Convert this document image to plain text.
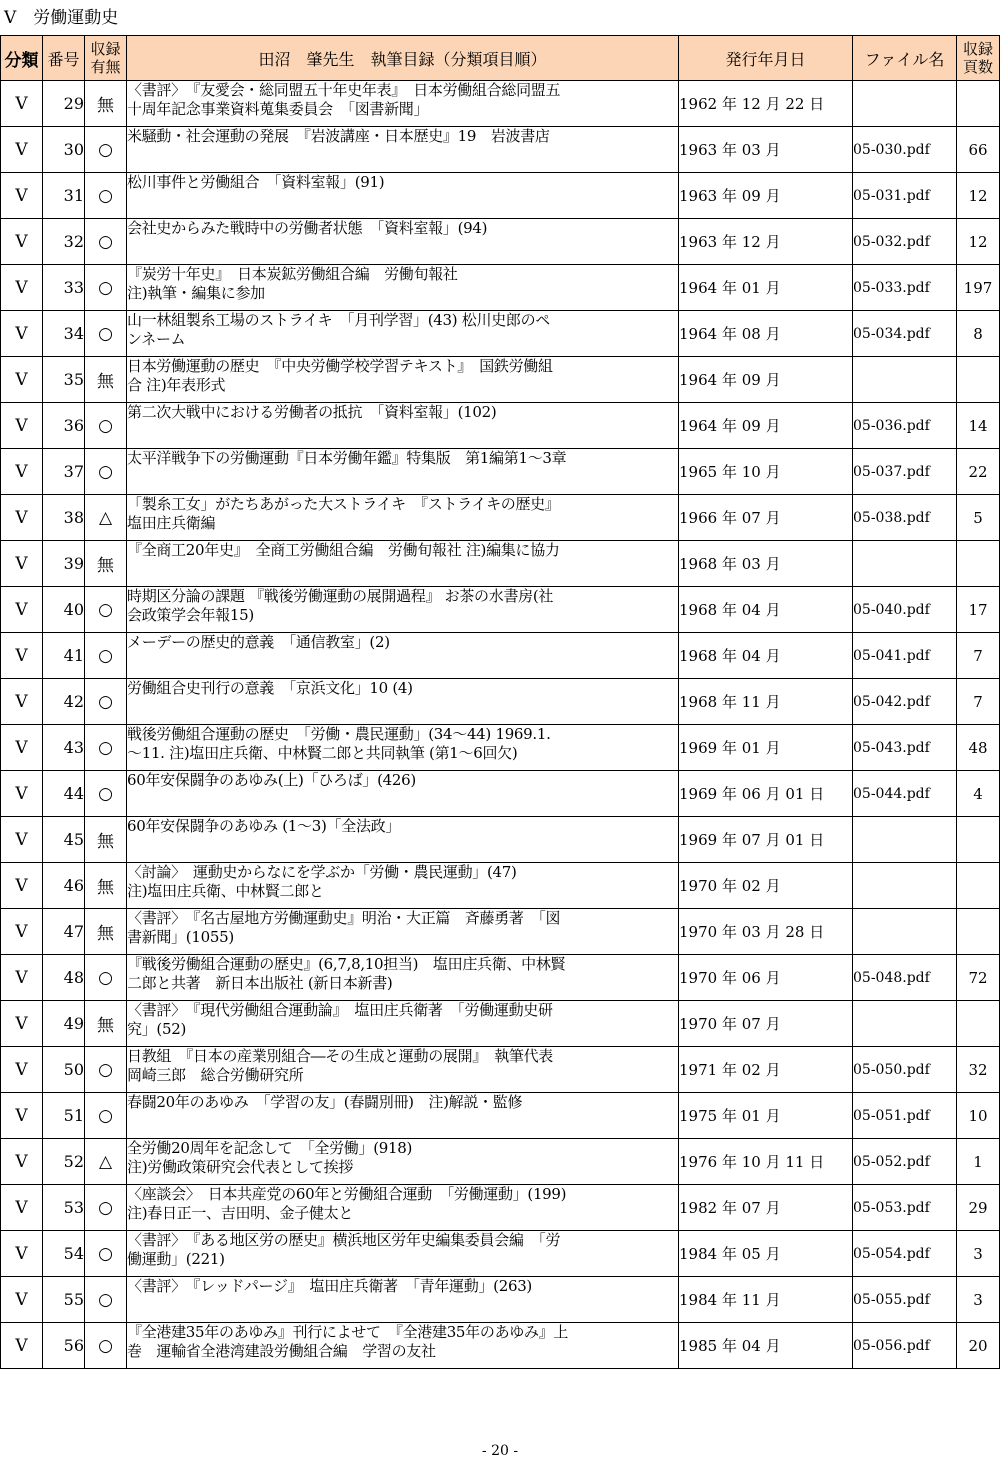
Ⅴ　労働運動史
分類	番号	収録
有無	田沼　肇先生　執筆目録（分類項目順）	発行年月日	ファイル名	収録
頁数
Ⅴ	29	無	〈書評〉　『友愛会・総同盟五十年史年表』　日本労働組合総同盟五
十周年記念事業資料蒐集委員会　「図書新聞」	1962 年 12 月 22 日		
Ⅴ	30	○	米騒動・社会運動の発展　『岩波講座・日本歴史』19　岩波書店	1963 年 03 月	05-030.pdf	66
Ⅴ	31	○	松川事件と労働組合　「資料室報」(91)	1963 年 09 月	05-031.pdf	12
Ⅴ	32	○	会社史からみた戦時中の労働者状態　「資料室報」(94)	1963 年 12 月	05-032.pdf	12
Ⅴ	33	○	『炭労十年史』　日本炭鉱労働組合編　労働旬報社
注)執筆・編集に参加	1964 年 01 月	05-033.pdf	197
Ⅴ	34	○	山一林組製糸工場のストライキ　「月刊学習」(43) 松川史郎のペ
ンネーム	1964 年 08 月	05-034.pdf	8
Ⅴ	35	無	日本労働運動の歴史　『中央労働学校学習テキスト』　国鉄労働組
合 注)年表形式	1964 年 09 月		
Ⅴ	36	○	第二次大戦中における労働者の抵抗　「資料室報」(102)	1964 年 09 月	05-036.pdf	14
Ⅴ	37	○	太平洋戦争下の労働運動『日本労働年鑑』特集版　第1編第1～3章	1965 年 10 月	05-037.pdf	22
Ⅴ	38	△	「製糸工女」がたちあがった大ストライキ　『ストライキの歴史』
塩田庄兵衛編	1966 年 07 月	05-038.pdf	5
Ⅴ	39	無	『全商工20年史』　全商工労働組合編　労働旬報社 注)編集に協力	1968 年 03 月		
Ⅴ	40	○	時期区分論の課題 『戦後労働運動の展開過程』 お茶の水書房(社
会政策学会年報15)	1968 年 04 月	05-040.pdf	17
Ⅴ	41	○	メーデーの歴史的意義　「通信教室」(2)	1968 年 04 月	05-041.pdf	7
Ⅴ	42	○	労働組合史刊行の意義　「京浜文化」10 (4)	1968 年 11 月	05-042.pdf	7
Ⅴ	43	○	戦後労働組合運動の歴史　「労働・農民運動」(34～44) 1969.1.
～11. 注)塩田庄兵衛、中林賢二郎と共同執筆 (第1～6回欠)	1969 年 01 月	05-043.pdf	48
Ⅴ	44	○	60年安保闘争のあゆみ(上)「ひろば」(426)	1969 年 06 月 01 日	05-044.pdf	4
Ⅴ	45	無	60年安保闘争のあゆみ (1～3)「全法政」	1969 年 07 月 01 日		
Ⅴ	46	無	〈討論〉　運動史からなにを学ぶか「労働・農民運動」(47)
注)塩田庄兵衛、中林賢二郎と	1970 年 02 月		
Ⅴ	47	無	〈書評〉　『名古屋地方労働運動史』明治・大正篇　斉藤勇著　「図
書新聞」(1055)	1970 年 03 月 28 日		
Ⅴ	48	○	『戦後労働組合運動の歴史』(6,7,8,10担当)　塩田庄兵衛、中林賢
二郎と共著　新日本出版社 (新日本新書)	1970 年 06 月	05-048.pdf	72
Ⅴ	49	無	〈書評〉　『現代労働組合運動論』　塩田庄兵衛著　「労働運動史研
究」(52)	1970 年 07 月		
Ⅴ	50	○	日教組　『日本の産業別組合―その生成と運動の展開』　執筆代表
岡崎三郎　総合労働研究所	1971 年 02 月	05-050.pdf	32
Ⅴ	51	○	春闘20年のあゆみ　「学習の友」(春闘別冊)　注)解説・監修	1975 年 01 月	05-051.pdf	10
Ⅴ	52	△	全労働20周年を記念して　「全労働」(918)
注)労働政策研究会代表として挨拶	1976 年 10 月 11 日	05-052.pdf	1
Ⅴ	53	○	〈座談会〉　日本共産党の60年と労働組合運動　「労働運動」(199)
注)春日正一、吉田明、金子健太と	1982 年 07 月	05-053.pdf	29
Ⅴ	54	○	〈書評〉　『ある地区労の歴史』横浜地区労年史編集委員会編　「労
働運動」(221)	1984 年 05 月	05-054.pdf	3
Ⅴ	55	○	〈書評〉　『レッドパージ』　塩田庄兵衛著　「青年運動」(263)	1984 年 11 月	05-055.pdf	3
Ⅴ	56	○	『全港建35年のあゆみ』刊行によせて　『全港建35年のあゆみ』上
巻　運輸省全港湾建設労働組合編　学習の友社	1985 年 04 月	05-056.pdf	20
- 20 -
